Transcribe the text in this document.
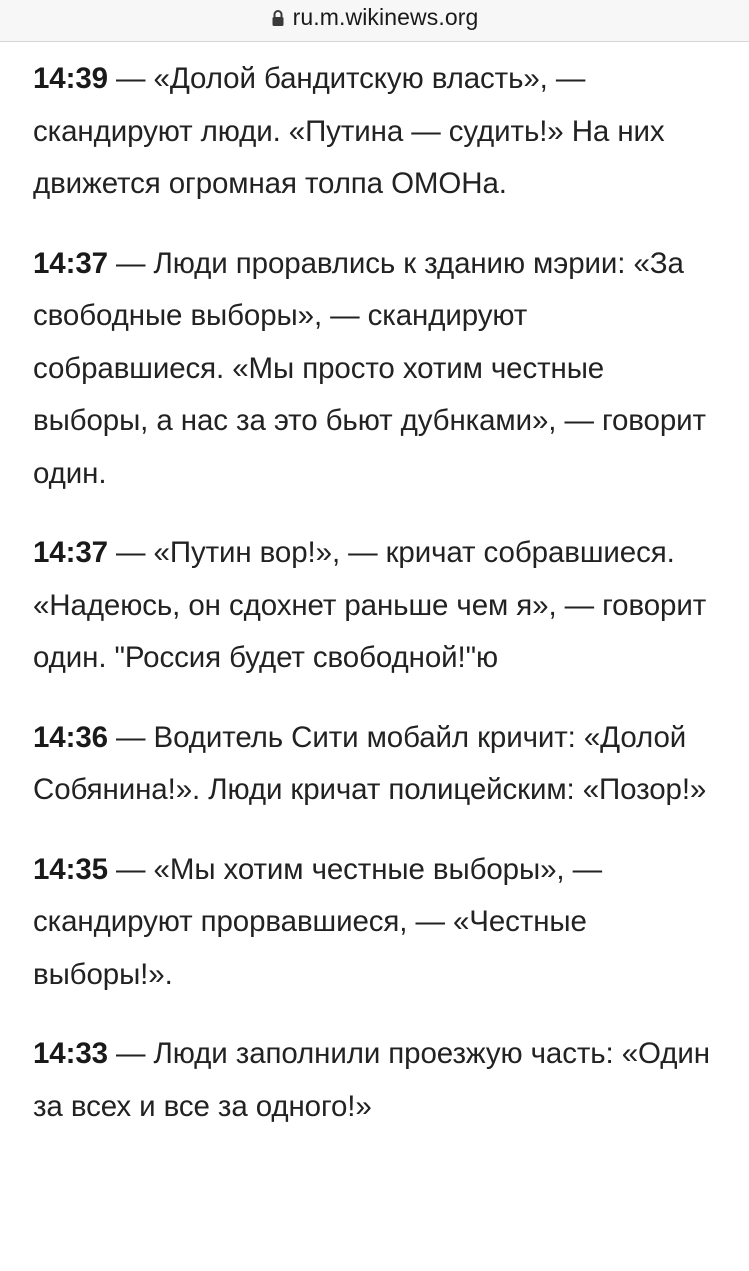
ru.m.wikinews.org

14:39 — «Долой бандитскую власть», — скандируют люди. «Путина — судить!» На них движется огромная толпа ОМОНа.

14:37 — Люди проравлись к зданию мэрии: «За свободные выборы», — скандируют собравшиеся. «Мы просто хотим честные выборы, а нас за это бьют дубнками», — говорит один.

14:37 — «Путин вор!», — кричат собравшиеся. «Надеюсь, он сдохнет раньше чем я», — говорит один. "Россия будет свободной!"ю

14:36 — Водитель Сити мобайл кричит: «Долой Собянина!». Люди кричат полицейским: «Позор!»

14:35 — «Мы хотим честные выборы», — скандируют прорвавшиеся, — «Честные выборы!».

14:33 — Люди заполнили проезжую часть: «Один за всех и все за одного!»
